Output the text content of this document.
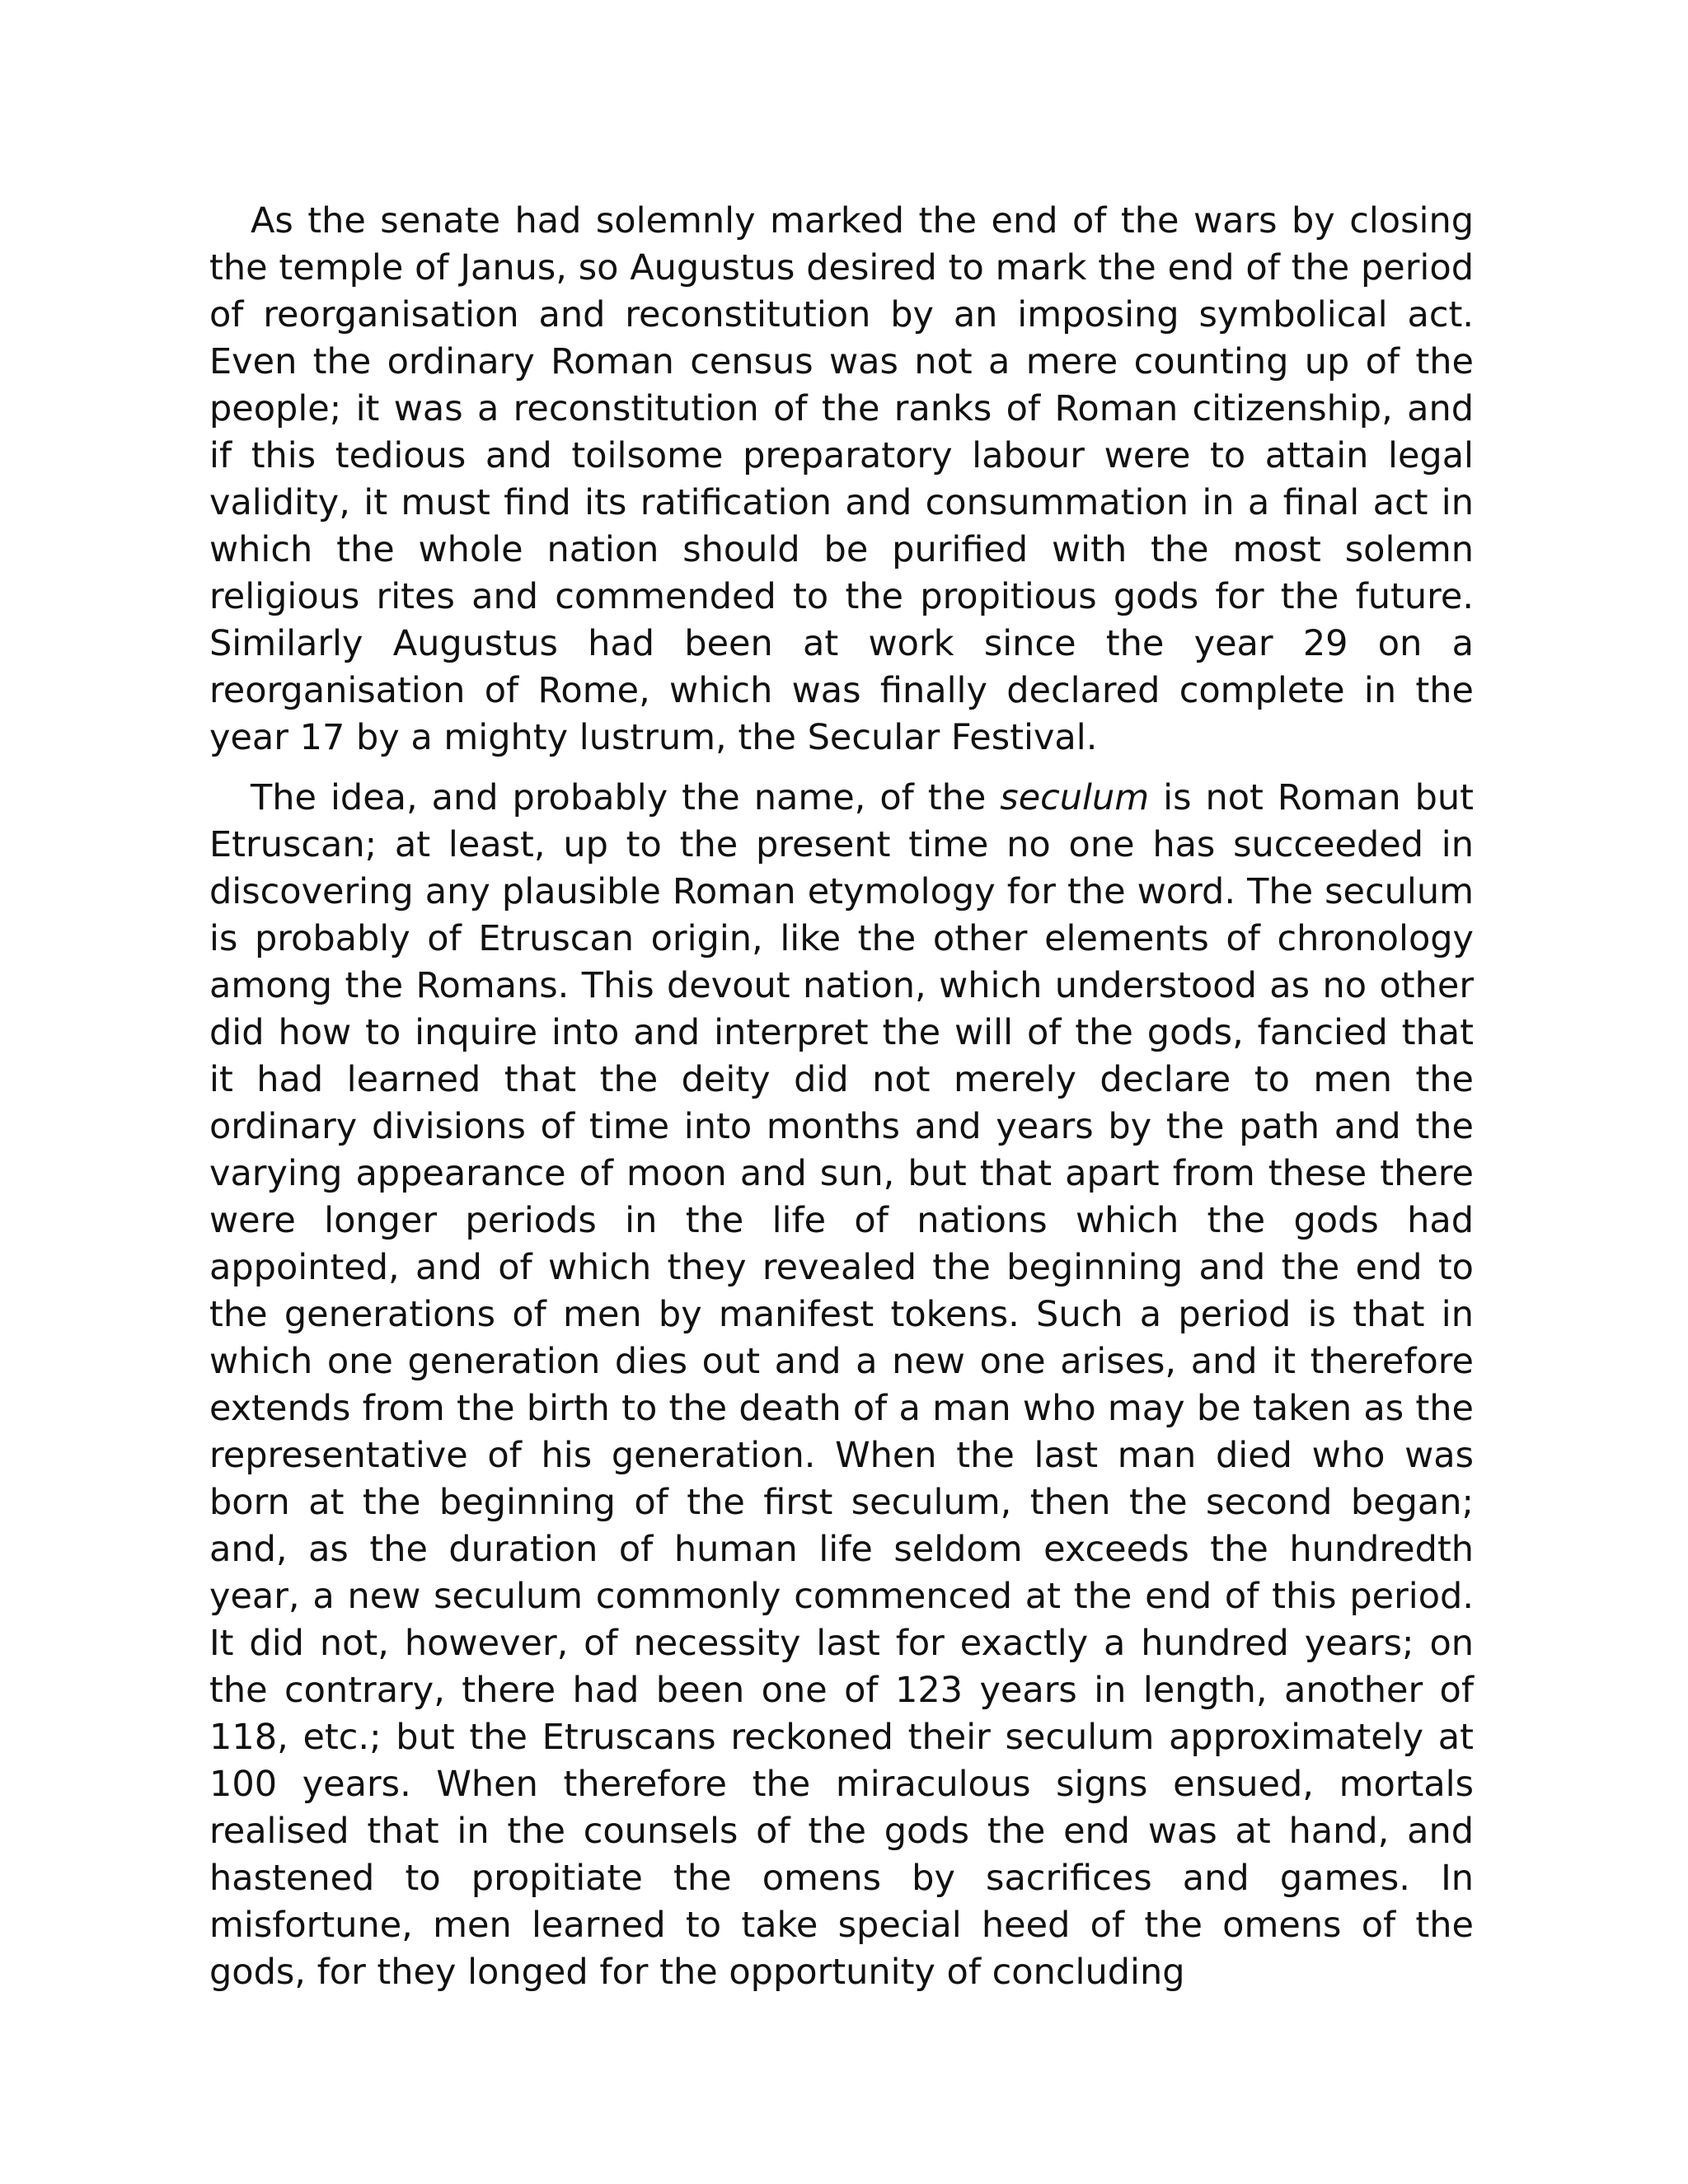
As the senate had solemnly marked the end of the wars by closing the temple of Janus, so Augustus desired to mark the end of the period of reorganisation and reconstitution by an imposing symbolical act. Even the ordinary Roman census was not a mere counting up of the people; it was a reconstitution of the ranks of Roman citizenship, and if this tedious and toilsome preparatory labour were to attain legal validity, it must find its ratification and consummation in a final act in which the whole nation should be purified with the most solemn religious rites and commended to the propitious gods for the future. Similarly Augustus had been at work since the year 29 on a reorganisation of Rome, which was finally declared complete in the year 17 by a mighty lustrum, the Secular Festival.

The idea, and probably the name, of the seculum is not Roman but Etruscan; at least, up to the present time no one has succeeded in discovering any plausible Roman etymology for the word. The seculum is probably of Etruscan origin, like the other elements of chronology among the Romans. This devout nation, which understood as no other did how to inquire into and interpret the will of the gods, fancied that it had learned that the deity did not merely declare to men the ordinary divisions of time into months and years by the path and the varying appearance of moon and sun, but that apart from these there were longer periods in the life of nations which the gods had appointed, and of which they revealed the beginning and the end to the generations of men by manifest tokens. Such a period is that in which one generation dies out and a new one arises, and it therefore extends from the birth to the death of a man who may be taken as the representative of his generation. When the last man died who was born at the beginning of the first seculum, then the second began; and, as the duration of human life seldom exceeds the hundredth year, a new seculum commonly commenced at the end of this period. It did not, however, of necessity last for exactly a hundred years; on the contrary, there had been one of 123 years in length, another of 118, etc.; but the Etruscans reckoned their seculum approximately at 100 years. When therefore the miraculous signs ensued, mortals realised that in the counsels of the gods the end was at hand, and hastened to propitiate the omens by sacrifices and games. In misfortune, men learned to take special heed of the omens of the gods, for they longed for the opportunity of concluding
